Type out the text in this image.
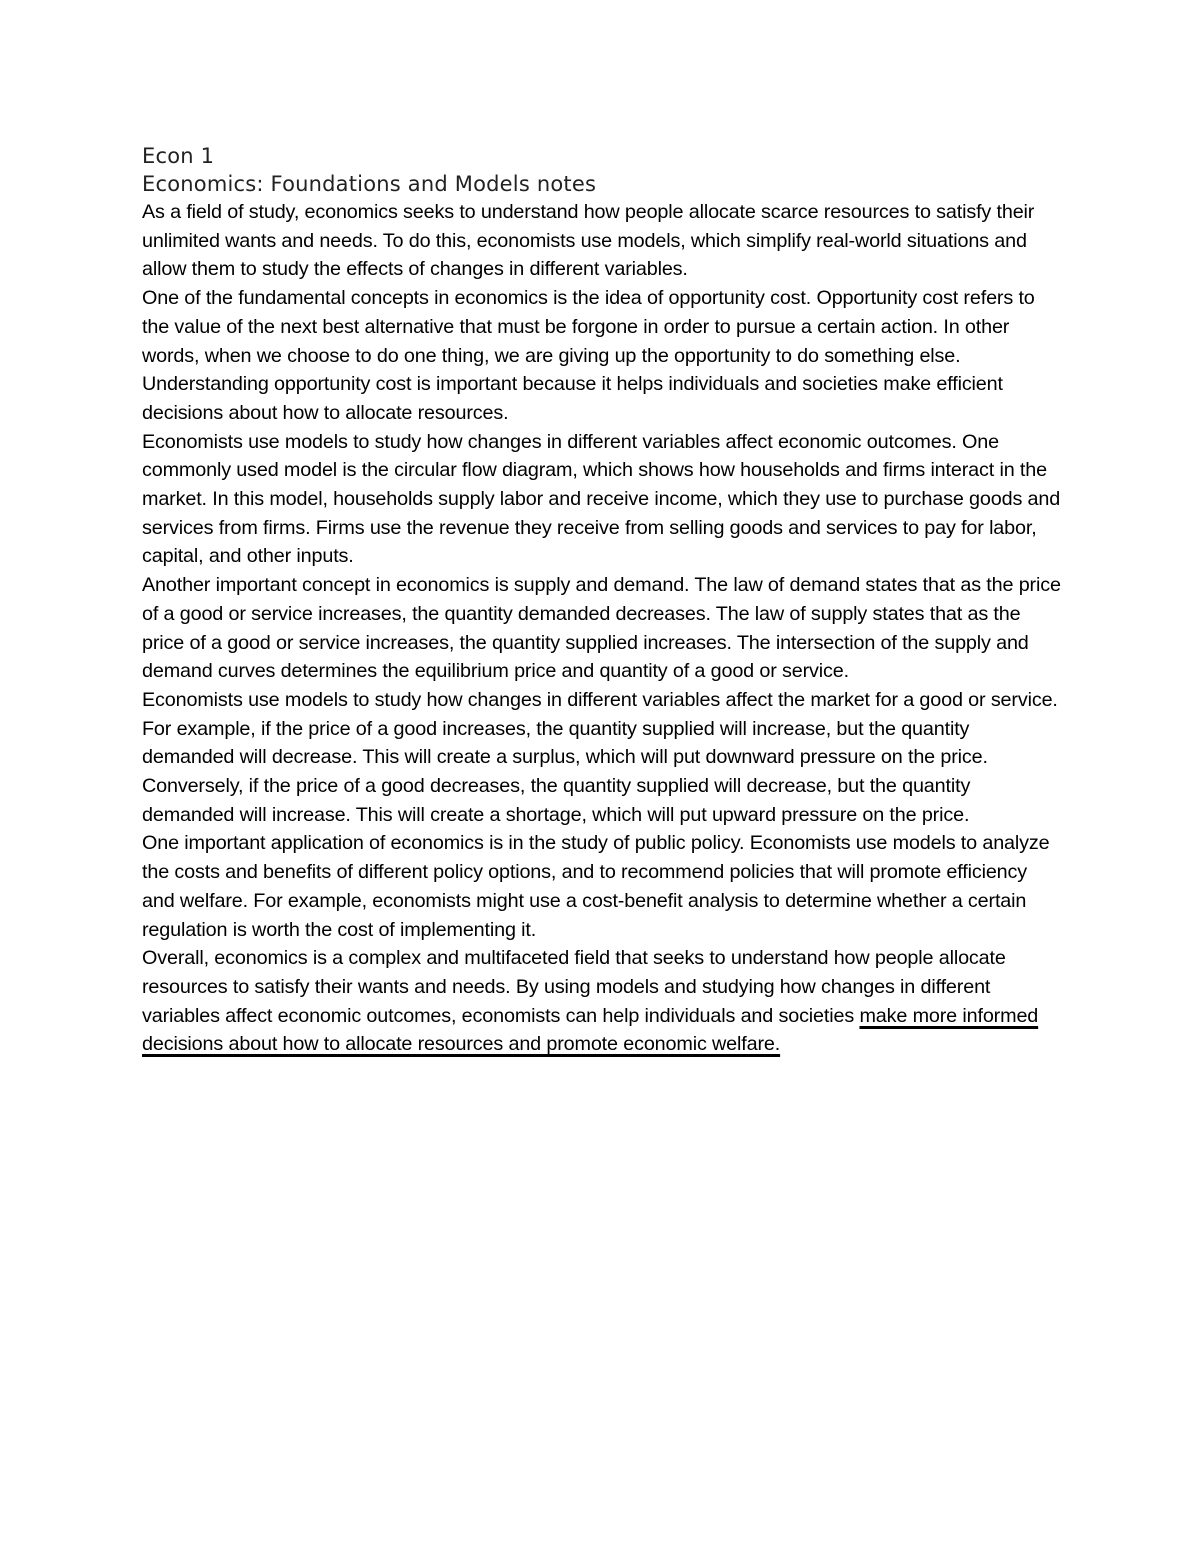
Econ 1

Economics: Foundations and Models notes

As a field of study, economics seeks to understand how people allocate scarce resources to satisfy their unlimited wants and needs. To do this, economists use models, which simplify real-world situations and allow them to study the effects of changes in different variables.

One of the fundamental concepts in economics is the idea of opportunity cost. Opportunity cost refers to the value of the next best alternative that must be forgone in order to pursue a certain action. In other words, when we choose to do one thing, we are giving up the opportunity to do something else. Understanding opportunity cost is important because it helps individuals and societies make efficient decisions about how to allocate resources.

Economists use models to study how changes in different variables affect economic outcomes. One commonly used model is the circular flow diagram, which shows how households and firms interact in the market. In this model, households supply labor and receive income, which they use to purchase goods and services from firms. Firms use the revenue they receive from selling goods and services to pay for labor, capital, and other inputs.

Another important concept in economics is supply and demand. The law of demand states that as the price of a good or service increases, the quantity demanded decreases. The law of supply states that as the price of a good or service increases, the quantity supplied increases. The intersection of the supply and demand curves determines the equilibrium price and quantity of a good or service.

Economists use models to study how changes in different variables affect the market for a good or service. For example, if the price of a good increases, the quantity supplied will increase, but the quantity demanded will decrease. This will create a surplus, which will put downward pressure on the price. Conversely, if the price of a good decreases, the quantity supplied will decrease, but the quantity demanded will increase. This will create a shortage, which will put upward pressure on the price.

One important application of economics is in the study of public policy. Economists use models to analyze the costs and benefits of different policy options, and to recommend policies that will promote efficiency and welfare. For example, economists might use a cost-benefit analysis to determine whether a certain regulation is worth the cost of implementing it.

Overall, economics is a complex and multifaceted field that seeks to understand how people allocate resources to satisfy their wants and needs. By using models and studying how changes in different variables affect economic outcomes, economists can help individuals and societies make more informed decisions about how to allocate resources and promote economic welfare.
